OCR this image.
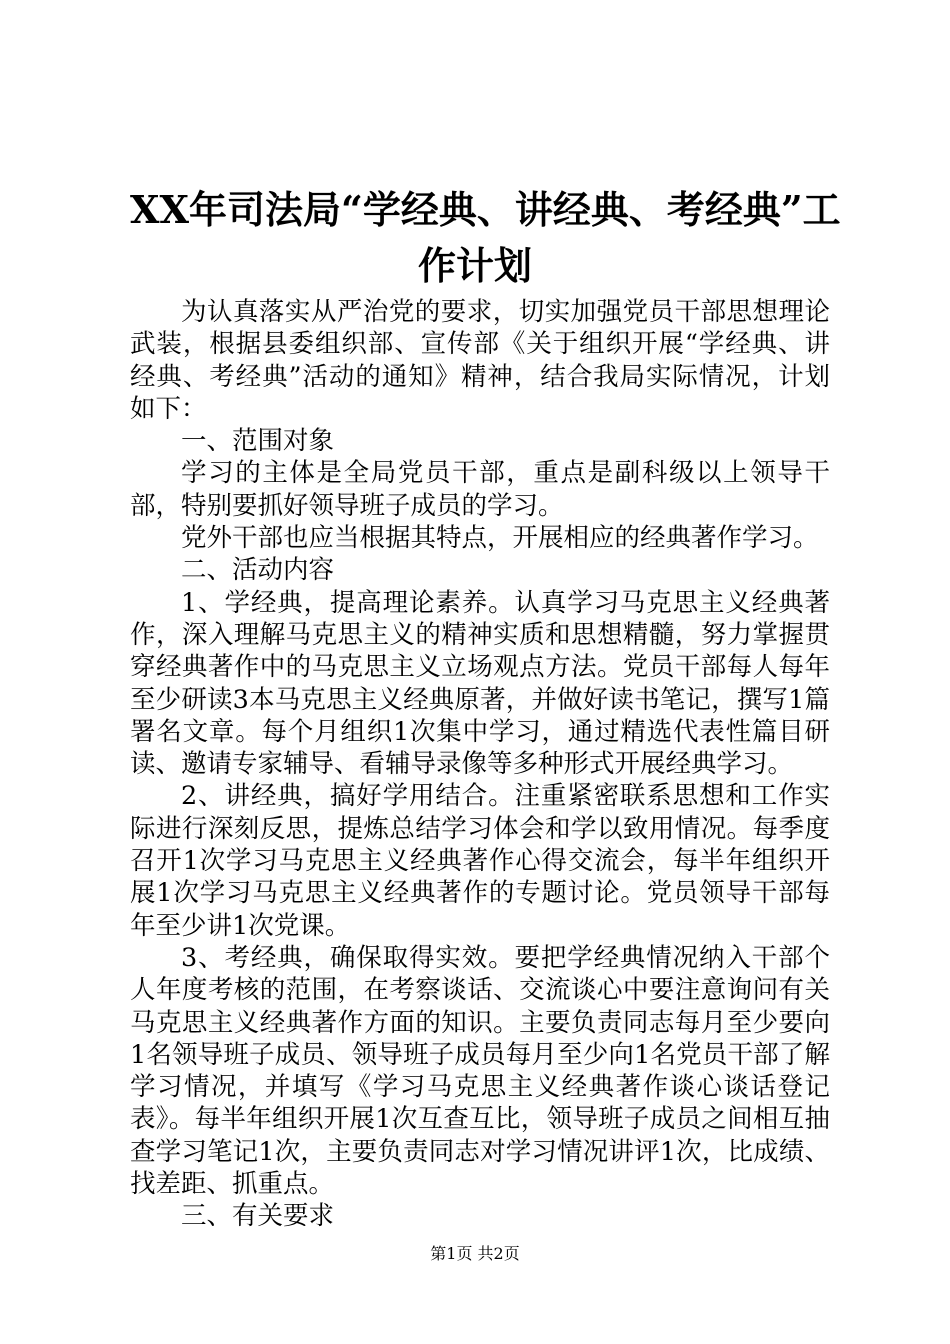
XX年司法局“学经典、讲经典、考经典”工
作计划

为认真落实从严治党的要求，切实加强党员干部思想理论武装，根据县委组织部、宣传部《关于组织开展“学经典、讲经典、考经典”活动的通知》精神，结合我局实际情况，计划如下：

一、范围对象

学习的主体是全局党员干部，重点是副科级以上领导干部，特别要抓好领导班子成员的学习。

党外干部也应当根据其特点，开展相应的经典著作学习。

二、活动内容

1、学经典，提高理论素养。认真学习马克思主义经典著作，深入理解马克思主义的精神实质和思想精髓，努力掌握贯穿经典著作中的马克思主义立场观点方法。党员干部每人每年至少研读3本马克思主义经典原著，并做好读书笔记，撰写1篇署名文章。每个月组织1次集中学习，通过精选代表性篇目研读、邀请专家辅导、看辅导录像等多种形式开展经典学习。

2、讲经典，搞好学用结合。注重紧密联系思想和工作实际进行深刻反思，提炼总结学习体会和学以致用情况。每季度召开1次学习马克思主义经典著作心得交流会，每半年组织开展1次学习马克思主义经典著作的专题讨论。党员领导干部每年至少讲1次党课。

3、考经典，确保取得实效。要把学经典情况纳入干部个人年度考核的范围，在考察谈话、交流谈心中要注意询问有关马克思主义经典著作方面的知识。主要负责同志每月至少要向1名领导班子成员、领导班子成员每月至少向1名党员干部了解学习情况，并填写《学习马克思主义经典著作谈心谈话登记表》。每半年组织开展1次互查互比，领导班子成员之间相互抽查学习笔记1次，主要负责同志对学习情况讲评1次，比成绩、找差距、抓重点。

三、有关要求

第1页 共2页
